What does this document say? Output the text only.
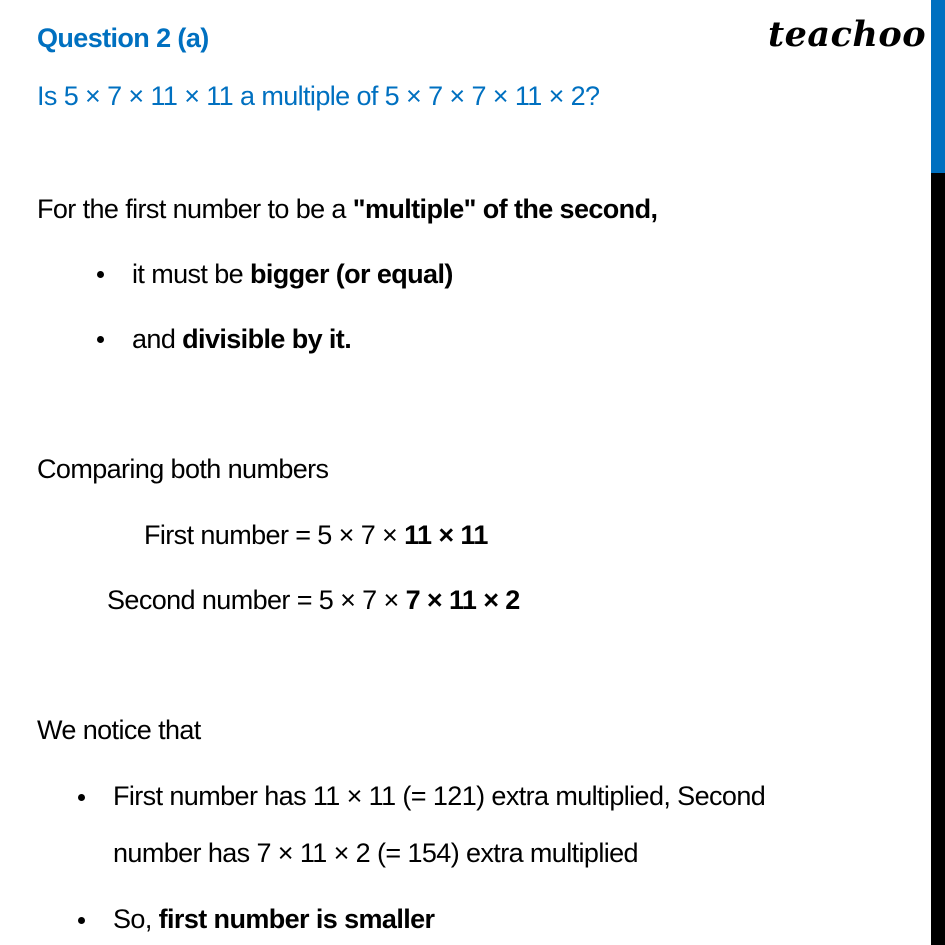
Question 2 (a)
Is 5 × 7 × 11 × 11 a multiple of 5 × 7 × 7 × 11 × 2?
teachoo
For the first number to be a "multiple" of the second,
it must be bigger (or equal)
and divisible by it.
Comparing both numbers
First number = 5 × 7 × 11 × 11
Second number = 5 × 7 × 7 × 11 × 2
We notice that
First number has 11 × 11 (= 121) extra multiplied, Second
number has 7 × 11 × 2 (= 154) extra multiplied
So, first number is smaller
